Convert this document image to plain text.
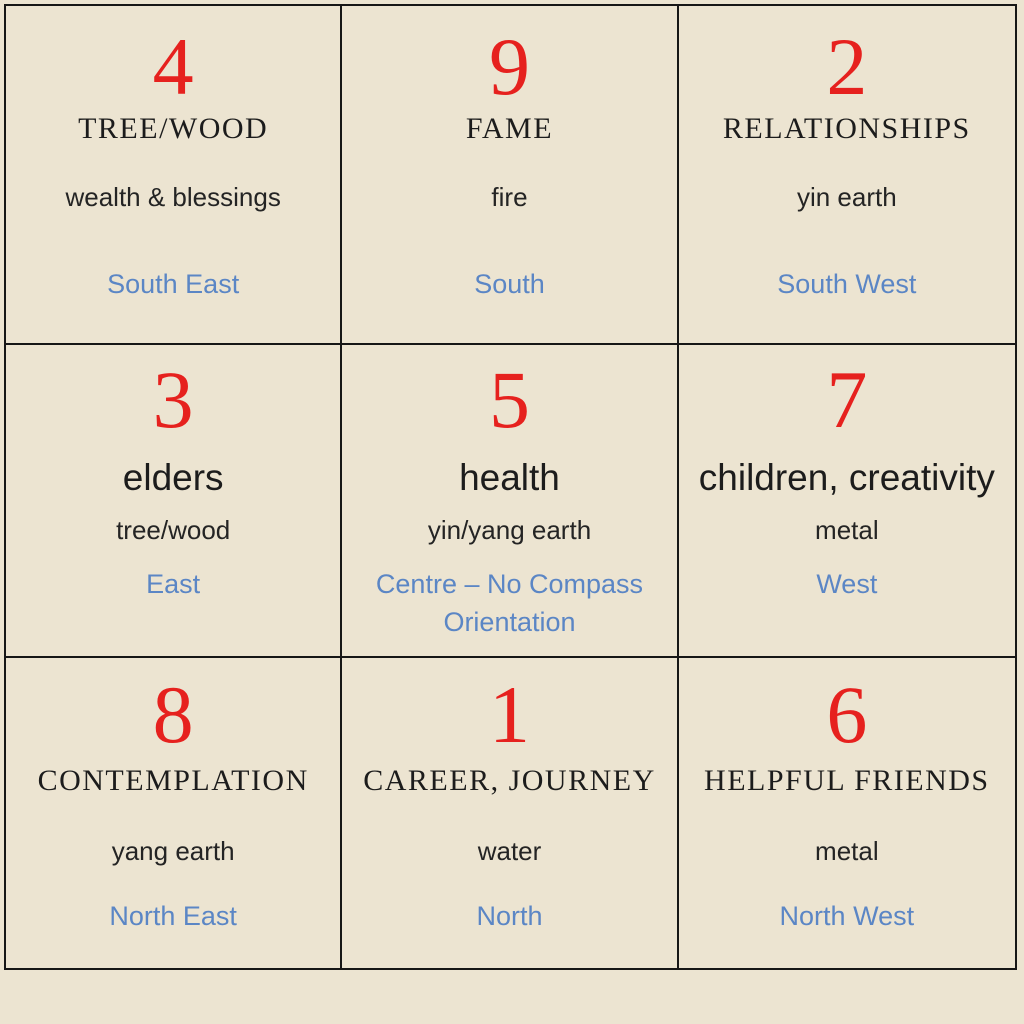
4
TREE/WOOD
wealth & blessings
South East
9
FAME
fire
South
2
RELATIONSHIPS
yin earth
South West
3
elders
tree/wood
East
5
health
yin/yang earth
Centre – No Compass Orientation
7
children, creativity
metal
West
8
CONTEMPLATION
yang earth
North East
1
CAREER, JOURNEY
water
North
6
HELPFUL FRIENDS
metal
North West
